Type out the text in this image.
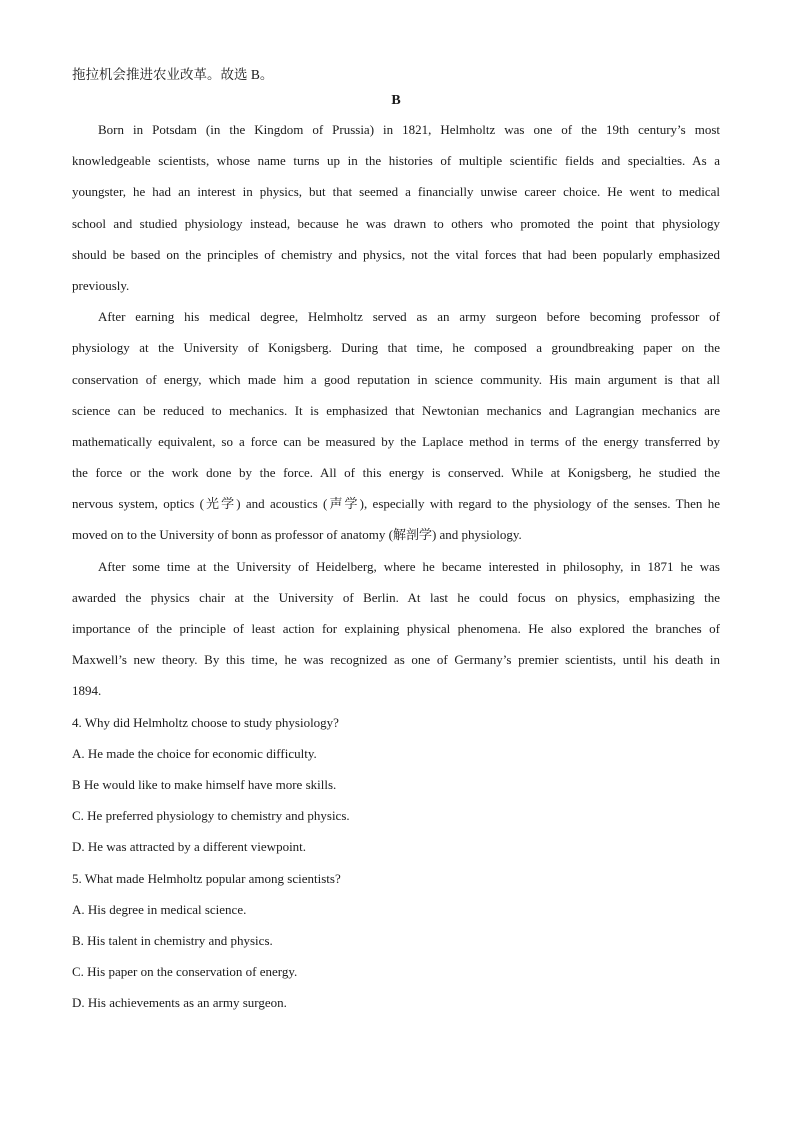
拖拉机会推进农业改革。故选 B。
B
Born in Potsdam (in the Kingdom of Prussia) in 1821, Helmholtz was one of the 19th century’s most
knowledgeable scientists, whose name turns up in the histories of multiple scientific fields and specialties. As a
youngster, he had an interest in physics, but that seemed a financially unwise career choice. He went to medical
school and studied physiology instead, because he was drawn to others who promoted the point that physiology
should be based on the principles of chemistry and physics, not the vital forces that had been popularly emphasized
previously.
After earning his medical degree, Helmholtz served as an army surgeon before becoming professor of
physiology at the University of Konigsberg. During that time, he composed a groundbreaking paper on the
conservation of energy, which made him a good reputation in science community. His main argument is that all
science can be reduced to mechanics. It is emphasized that Newtonian mechanics and Lagrangian mechanics are
mathematically equivalent, so a force can be measured by the Laplace method in terms of the energy transferred by
the force or the work done by the force. All of this energy is conserved. While at Konigsberg, he studied the
nervous system, optics (光学) and acoustics (声学), especially with regard to the physiology of the senses. Then he
moved on to the University of bonn as professor of anatomy (解剖学) and physiology.
After some time at the University of Heidelberg, where he became interested in philosophy, in 1871 he was
awarded the physics chair at the University of Berlin. At last he could focus on physics, emphasizing the
importance of the principle of least action for explaining physical phenomena. He also explored the branches of
Maxwell’s new theory. By this time, he was recognized as one of Germany’s premier scientists, until his death in
1894.
4. Why did Helmholtz choose to study physiology?
A. He made the choice for economic difficulty.
B He would like to make himself have more skills.
C. He preferred physiology to chemistry and physics.
D. He was attracted by a different viewpoint.
5. What made Helmholtz popular among scientists?
A. His degree in medical science.
B. His talent in chemistry and physics.
C. His paper on the conservation of energy.
D. His achievements as an army surgeon.
